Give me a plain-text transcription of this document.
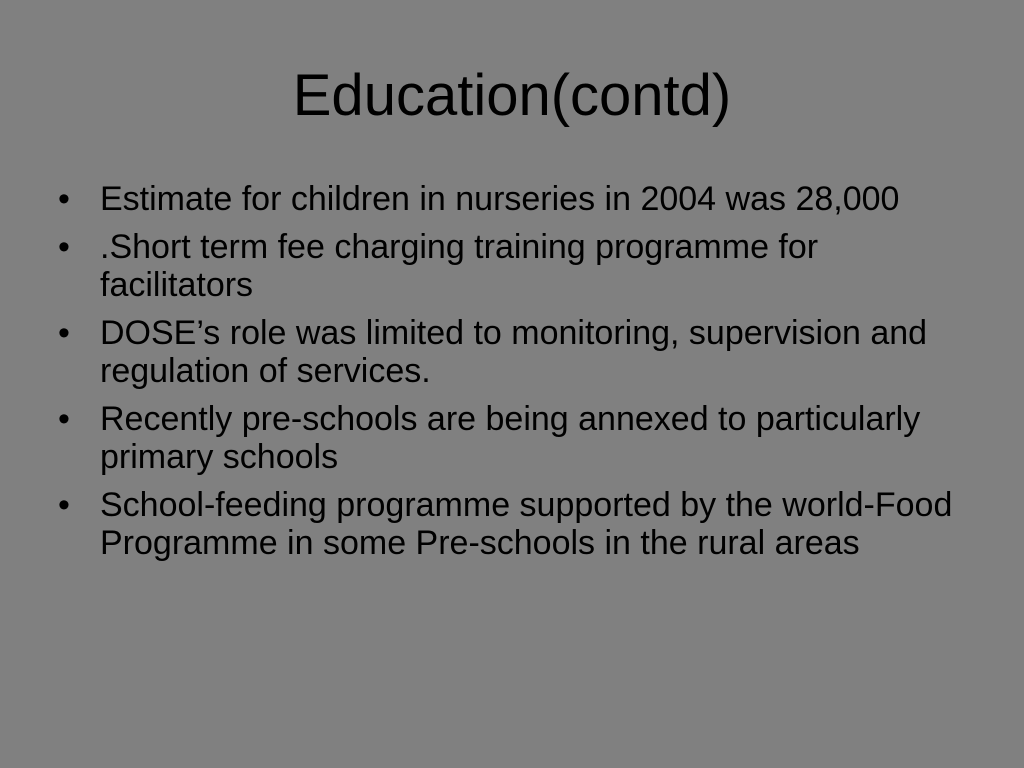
Education(contd)
• Estimate for children in nurseries in 2004 was 28,000
• .Short term fee charging training programme for facilitators
• DOSE’s role was limited to monitoring, supervision and regulation of services.
• Recently pre-schools are being annexed to particularly primary schools
• School-feeding programme supported by the world-Food Programme in some Pre-schools in the rural areas
